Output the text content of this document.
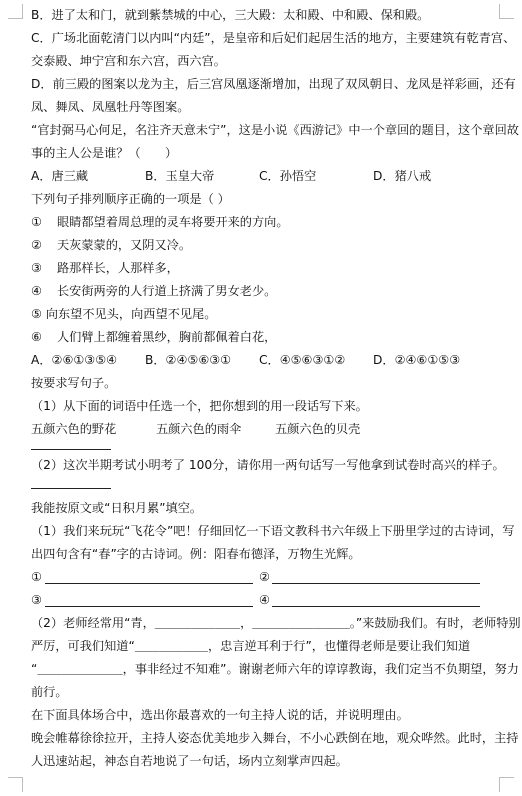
B．进了太和门，就到紫禁城的中心，三大殿：太和殿、中和殿、保和殿。
C．广场北面乾清门以内叫“内廷”，是皇帝和后妃们起居生活的地方，主要建筑有乾青宫、
交泰殿、坤宁宫和东六宫，西六宫。
D．前三殿的图案以龙为主，后三宫凤凰逐渐增加，出现了双凤朝日、龙凤是祥彩画，还有
凤、舞凤、凤凰牡丹等图案。
“官封弼马心何足，名注齐天意未宁”，这是小说《西游记》中一个章回的题目，这个章回故
事的主人公是谁？（　　）
A．唐三藏	B．玉皇大帝	C．孙悟空	D．猪八戒
下列句子排列顺序正确的一项是（ ）
① 眼睛都望着周总理的灵车将要开来的方向。
② 天灰蒙蒙的，又阴又冷。
③ 路那样长，人那样多，
④ 长安街两旁的人行道上挤满了男女老少。
⑤ 向东望不见头，向西望不见尾。
⑥ 人们臂上都缠着黑纱，胸前都佩着白花，
A．②⑥①③⑤④ B．②④⑤⑥③① C．④⑤⑥③①② D．②④⑥①⑤③
按要求写句子。
（1）从下面的词语中任选一个，把你想到的用一段话写下来。
五颜六色的野花	五颜六色的雨伞	五颜六色的贝壳
（2）这次半期考试小明考了 100分，请你用一两句话写一写他拿到试卷时高兴的样子。
我能按原文或“日积月累”填空。
（1）我们来玩玩“飞花令”吧！仔细回忆一下语文教科书六年级上下册里学过的古诗词，写
出四句含有“春”字的古诗词。例：阳春布德泽，万物生光辉。
①	②
③	④
（2）老师经常用“青，＿＿＿＿＿＿＿，＿＿＿＿＿＿＿＿。”来鼓励我们。有时，老师特别
严厉，可我们知道“＿＿＿＿＿＿，忠言逆耳利于行”，也懂得老师是要让我们知道
“＿＿＿＿＿＿＿，事非经过不知难”。谢谢老师六年的谆谆教诲，我们定当不负期望，努力
前行。
在下面具体场合中，选出你最喜欢的一句主持人说的话，并说明理由。
晚会帷幕徐徐拉开，主持人姿态优美地步入舞台，不小心跌倒在地，观众哗然。此时，主持
人迅速站起，神态自若地说了一句话，场内立刻掌声四起。
